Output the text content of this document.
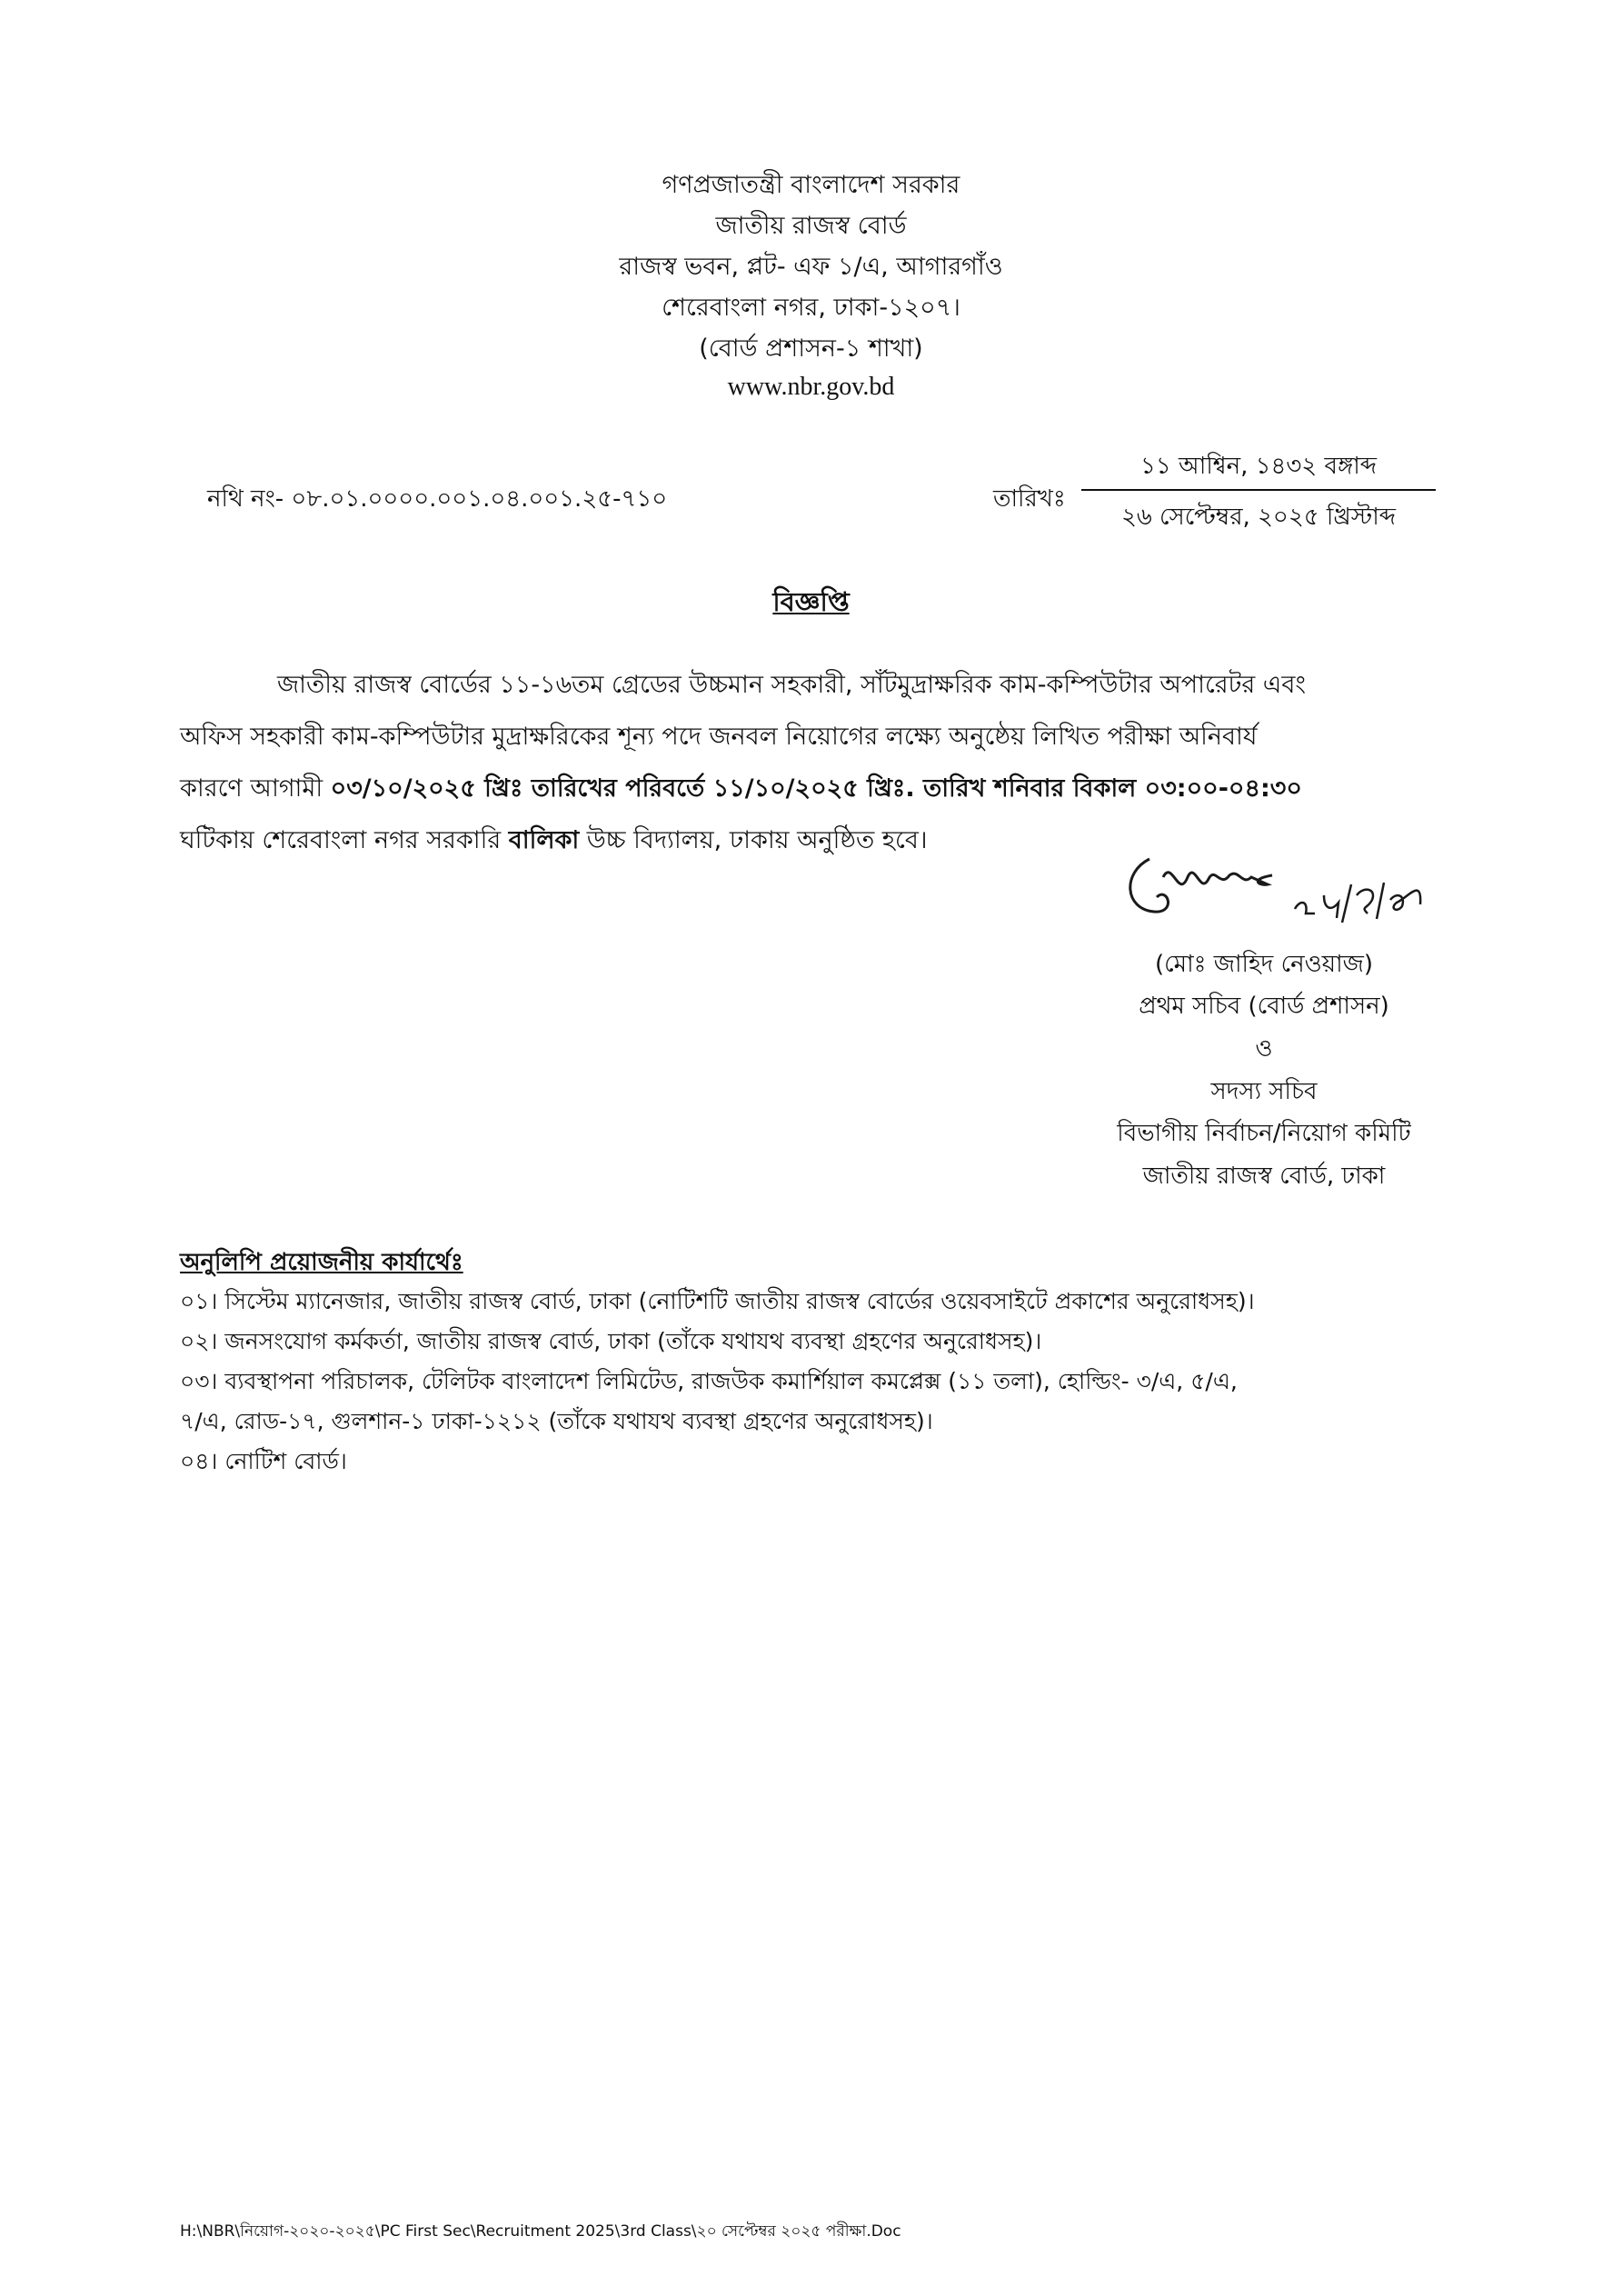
গণপ্রজাতন্ত্রী বাংলাদেশ সরকার
জাতীয় রাজস্ব বোর্ড
রাজস্ব ভবন, প্লট- এফ ১/এ, আগারগাঁও
শেরেবাংলা নগর, ঢাকা-১২০৭।
(বোর্ড প্রশাসন-১ শাখা)
www.nbr.gov.bd
নথি নং- ০৮.০১.০০০০.০০১.০৪.০০১.২৫-৭১০	তারিখঃ
১১ আশ্বিন, ১৪৩২ বঙ্গাব্দ
২৬ সেপ্টেম্বর, ২০২৫ খ্রিস্টাব্দ
বিজ্ঞপ্তি
জাতীয় রাজস্ব বোর্ডের ১১-১৬তম গ্রেডের উচ্চমান সহকারী, সাঁটমুদ্রাক্ষরিক কাম-কম্পিউটার অপারেটর এবং
অফিস সহকারী কাম-কম্পিউটার মুদ্রাক্ষরিকের শূন্য পদে জনবল নিয়োগের লক্ষ্যে অনুষ্ঠেয় লিখিত পরীক্ষা অনিবার্য
কারণে আগামী ০৩/১০/২০২৫ খ্রিঃ তারিখের পরিবর্তে ১১/১০/২০২৫ খ্রিঃ. তারিখ শনিবার বিকাল ০৩:০০-০৪:৩০
ঘটিকায় শেরেবাংলা নগর সরকারি বালিকা উচ্চ বিদ্যালয়, ঢাকায় অনুষ্ঠিত হবে।
(মোঃ জাহিদ নেওয়াজ)
প্রথম সচিব (বোর্ড প্রশাসন)
ও
সদস্য সচিব
বিভাগীয় নির্বাচন/নিয়োগ কমিটি
জাতীয় রাজস্ব বোর্ড, ঢাকা
অনুলিপি প্রয়োজনীয় কার্যার্থেঃ
০১। সিস্টেম ম্যানেজার, জাতীয় রাজস্ব বোর্ড, ঢাকা (নোটিশটি জাতীয় রাজস্ব বোর্ডের ওয়েবসাইটে প্রকাশের অনুরোধসহ)।
০২। জনসংযোগ কর্মকর্তা, জাতীয় রাজস্ব বোর্ড, ঢাকা (তাঁকে যথাযথ ব্যবস্থা গ্রহণের অনুরোধসহ)।
০৩। ব্যবস্থাপনা পরিচালক, টেলিটক বাংলাদেশ লিমিটেড, রাজউক কমার্শিয়াল কমপ্লেক্স (১১ তলা), হোল্ডিং- ৩/এ, ৫/এ,
৭/এ, রোড-১৭, গুলশান-১ ঢাকা-১২১২ (তাঁকে যথাযথ ব্যবস্থা গ্রহণের অনুরোধসহ)।
০৪। নোটিশ বোর্ড।
H:\NBR\নিয়োগ-২০২০-২০২৫\PC First Sec\Recruitment 2025\3rd Class\২০ সেপ্টেম্বর ২০২৫ পরীক্ষা.Doc
